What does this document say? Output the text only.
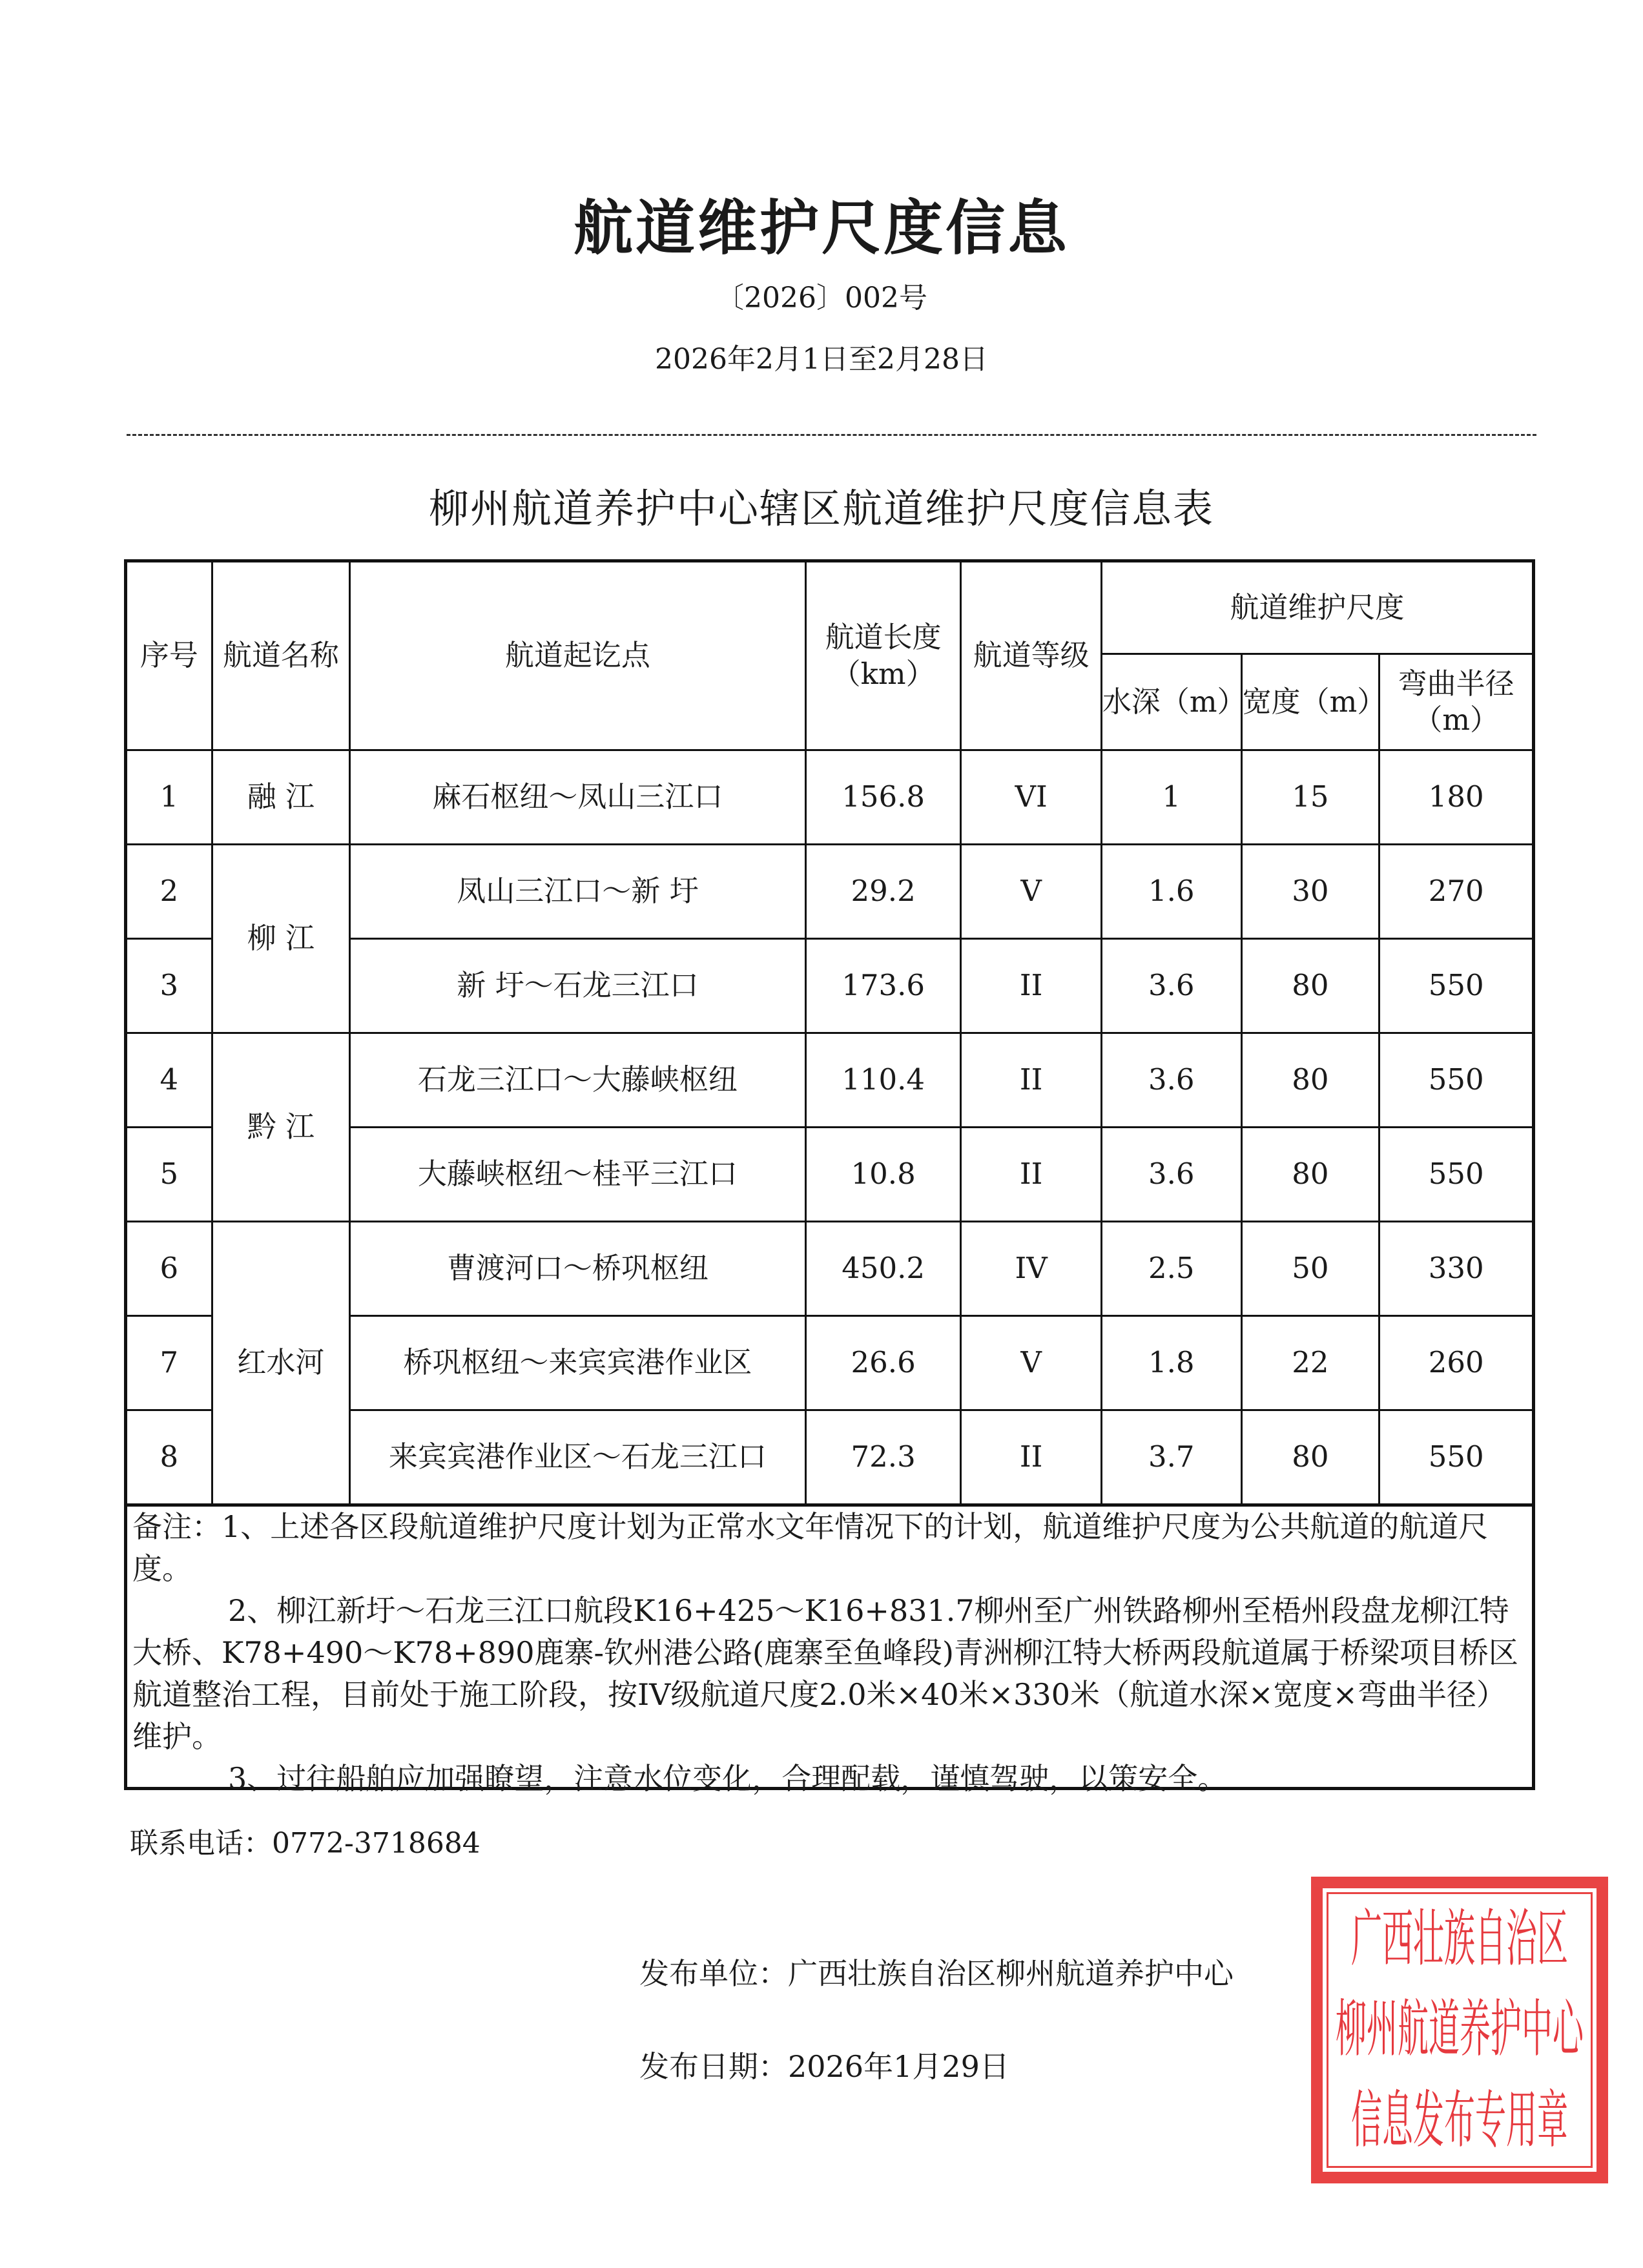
航道维护尺度信息
〔2026〕002号
2026年2月1日至2月28日
柳州航道养护中心辖区航道维护尺度信息表
序号	航道名称	航道起讫点	航道长度（km）	航道等级	航道维护尺度		
					水深（m）	宽度（m）	弯曲半径（m）
1	融 江	麻石枢纽～凤山三江口	156.8	VI	1	15	180
2	柳 江	凤山三江口～新 圩	29.2	V	1.6	30	270
3		新 圩～石龙三江口	173.6	II	3.6	80	550
4	黔 江	石龙三江口～大藤峡枢纽	110.4	II	3.6	80	550
5		大藤峡枢纽～桂平三江口	10.8	II	3.6	80	550
6	红水河	曹渡河口～桥巩枢纽	450.2	IV	2.5	50	330
7		桥巩枢纽～来宾宾港作业区	26.6	V	1.8	22	260
8		来宾宾港作业区～石龙三江口	72.3	II	3.7	80	550

备注：1、上述各区段航道维护尺度计划为正常水文年情况下的计划，航道维护尺度为公共航道的航道尺度。

2、柳江新圩～石龙三江口航段K16+425～K16+831.7柳州至广州铁路柳州至梧州段盘龙柳江特大桥、K78+490～K78+890鹿寨-钦州港公路(鹿寨至鱼峰段)青洲柳江特大桥两段航道属于桥梁项目桥区航道整治工程，目前处于施工阶段，按IV级航道尺度2.0米×40米×330米（航道水深×宽度×弯曲半径）维护。

3、过往船舶应加强瞭望，注意水位变化，合理配载，谨慎驾驶，以策安全。

联系电话：0772-3718684
发布单位：广西壮族自治区柳州航道养护中心
发布日期：2026年1月29日
广西壮族自治区
柳州航道养护中心
信息发布专用章
